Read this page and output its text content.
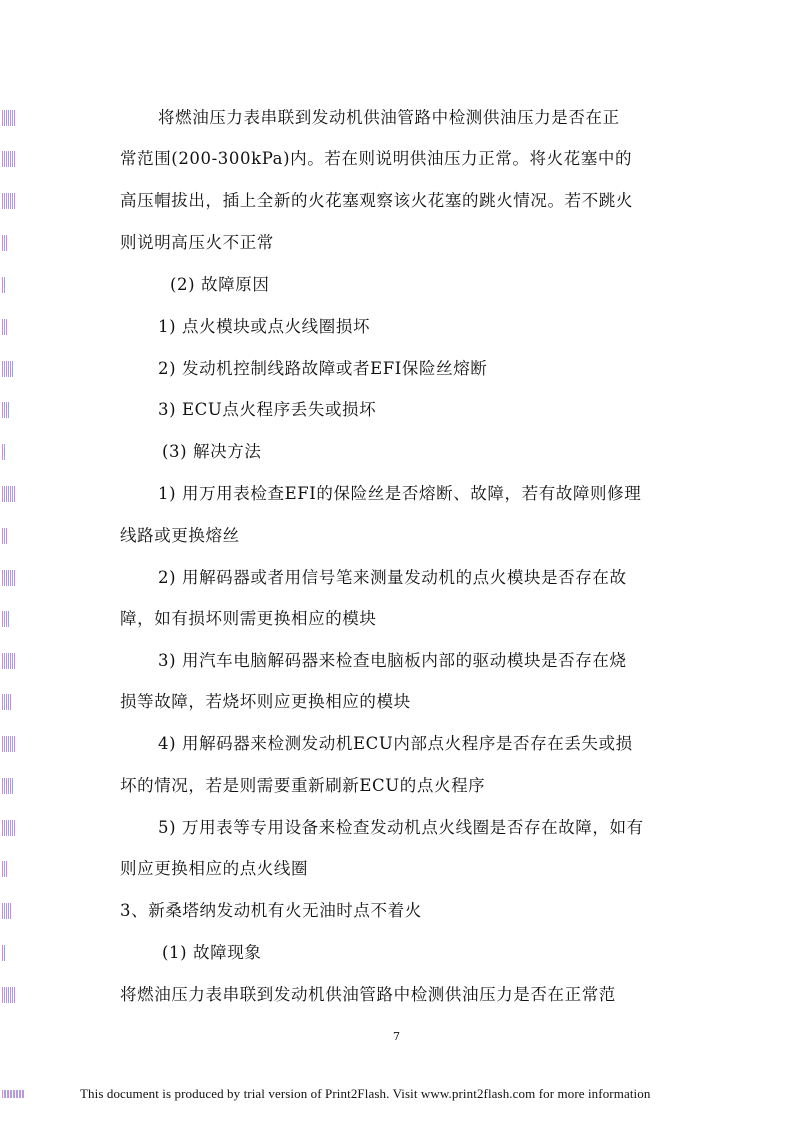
将燃油压力表串联到发动机供油管路中检测供油压力是否在正
常范围(200-300kPa)内。若在则说明供油压力正常。将火花塞中的
高压帽拔出，插上全新的火花塞观察该火花塞的跳火情况。若不跳火
则说明高压火不正常
(2) 故障原因
1) 点火模块或点火线圈损坏
2) 发动机控制线路故障或者EFI保险丝熔断
3) ECU点火程序丢失或损坏
(3) 解决方法
1) 用万用表检查EFI的保险丝是否熔断、故障，若有故障则修理
线路或更换熔丝
2) 用解码器或者用信号笔来测量发动机的点火模块是否存在故
障，如有损坏则需更换相应的模块
3) 用汽车电脑解码器来检查电脑板内部的驱动模块是否存在烧
损等故障，若烧坏则应更换相应的模块
4) 用解码器来检测发动机ECU内部点火程序是否存在丢失或损
坏的情况，若是则需要重新刷新ECU的点火程序
5) 万用表等专用设备来检查发动机点火线圈是否存在故障，如有
则应更换相应的点火线圈
3、新桑塔纳发动机有火无油时点不着火
(1) 故障现象
将燃油压力表串联到发动机供油管路中检测供油压力是否在正常范
7
This document is produced by trial version of Print2Flash. Visit www.print2flash.com for more information
